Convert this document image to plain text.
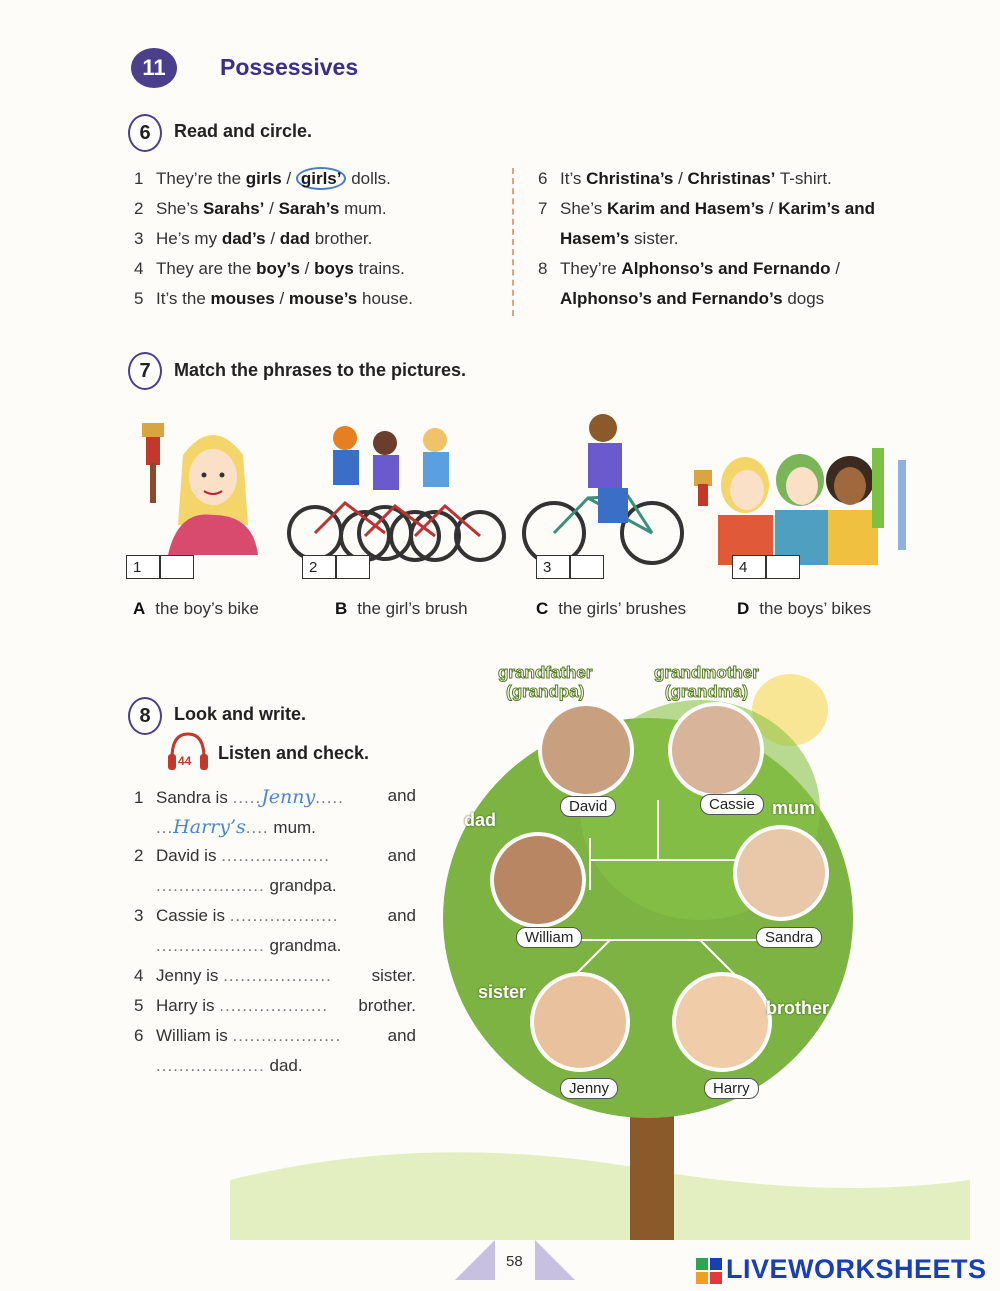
11	Possessives
6	Read and circle.
1 They’re the girls / girls’ dolls.
2 She’s Sarahs’ / Sarah’s mum.
3 He’s my dad’s / dad brother.
4 They are the boy’s / boys trains.
5 It’s the mouses / mouse’s house.
6 It’s Christina’s / Christinas’ T-shirt.
7 She’s Karim and Hasem’s / Karim’s and
Hasem’s sister.
8 They’re Alphonso’s and Fernando /
Alphonso’s and Fernando’s dogs
7	Match the phrases to the pictures.
1	2	3	4
A the boy’s bike	B the girl’s brush	C the girls’ brushes	D the boys’ bikes
8	Look and write.
44 Listen and check.
1 Sandra is .....Jenny.....	and
...Harry’s.... mum.
2 David is ...................	and
................... grandpa.
3 Cassie is ...................	and
................... grandma.
4 Jenny is ................... sister.
5 Harry is ................... brother.
6 William is ...................	and
................... dad.
grandfather
(grandpa)
grandmother
(grandma)
dad
mum
sister
brother
David	Cassie
William	Sandra
Jenny	Harry
58	LIVEWORKSHEETS
